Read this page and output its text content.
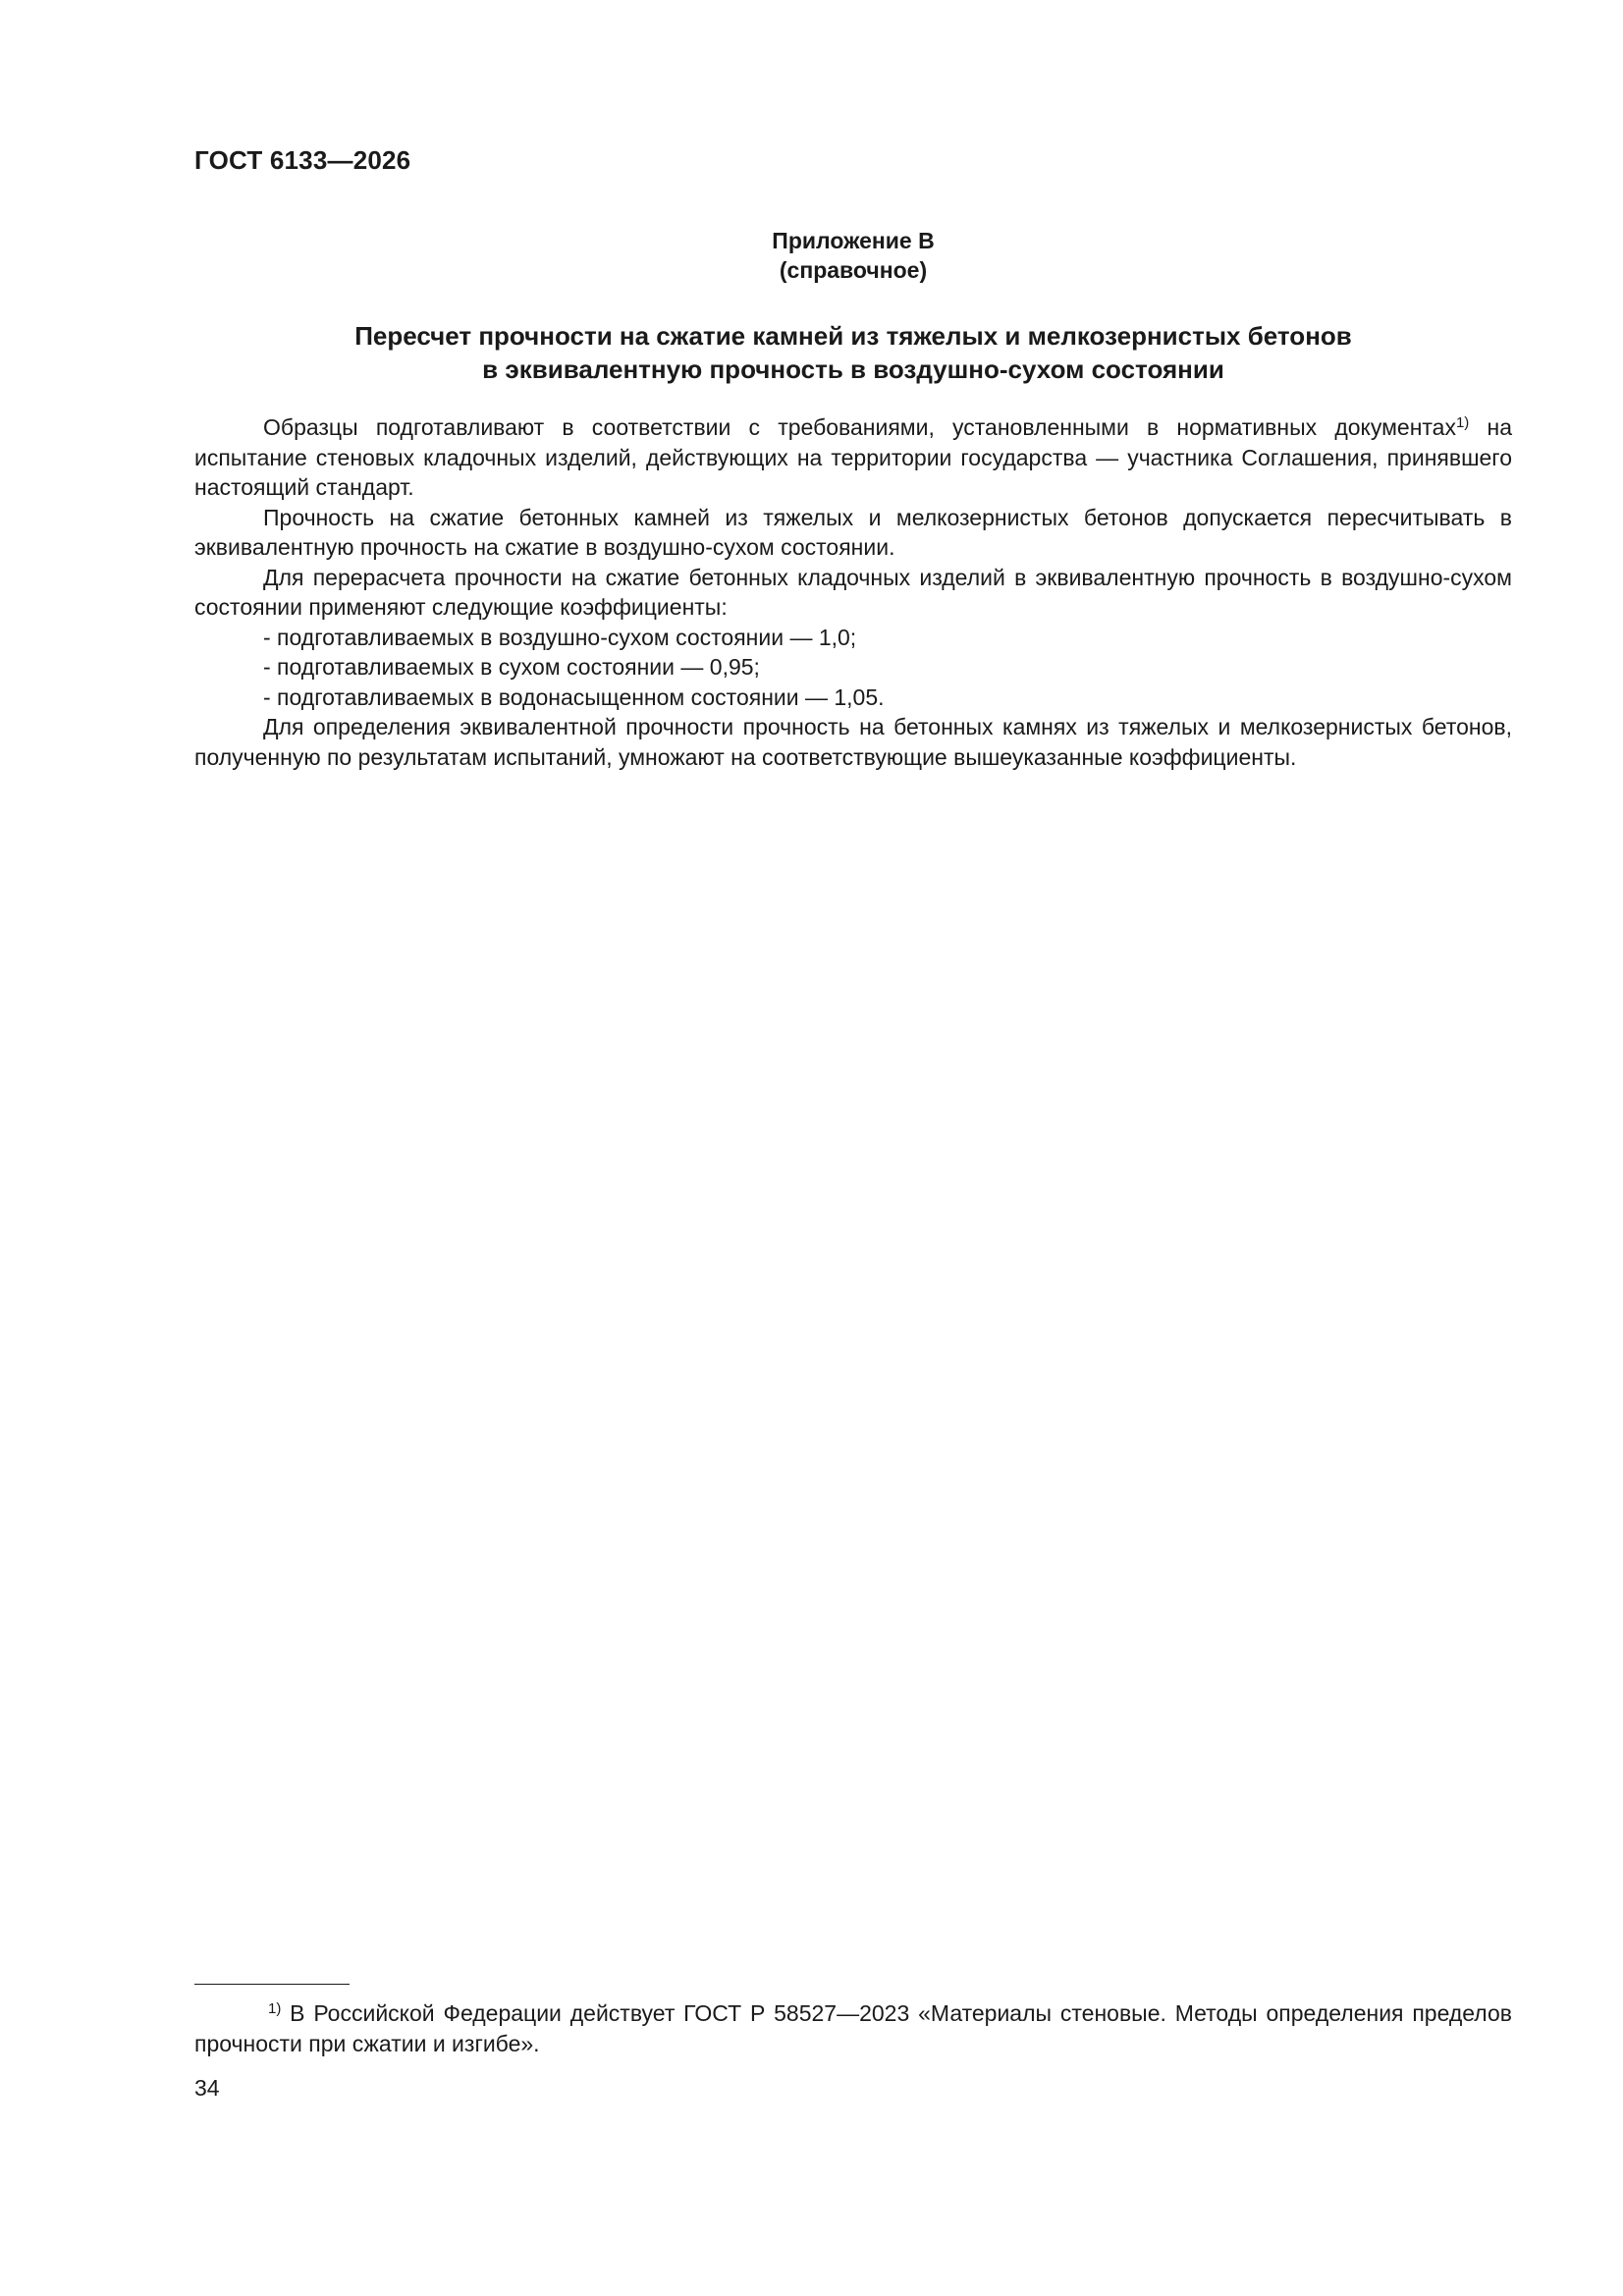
ГОСТ 6133—2026
Приложение В
(справочное)
Пересчет прочности на сжатие камней из тяжелых и мелкозернистых бетонов
в эквивалентную прочность в воздушно-сухом состоянии

Образцы подготавливают в соответствии с требованиями, установленными в нормативных документах$^{1)}$ на испытание стеновых кладочных изделий, действующих на территории государства — участника Соглашения, принявшего настоящий стандарт.

Прочность на сжатие бетонных камней из тяжелых и мелкозернистых бетонов допускается пересчитывать в эквивалентную прочность на сжатие в воздушно-сухом состоянии.

Для перерасчета прочности на сжатие бетонных кладочных изделий в эквивалентную прочность в воздушно-сухом состоянии применяют следующие коэффициенты:

- подготавливаемых в воздушно-сухом состоянии — 1,0;

- подготавливаемых в сухом состоянии — 0,95;

- подготавливаемых в водонасыщенном состоянии — 1,05.

Для определения эквивалентной прочности прочность на бетонных камнях из тяжелых и мелкозернистых бетонов, полученную по результатам испытаний, умножают на соответствующие вышеуказанные коэффициенты.

$^{1)}$ В Российской Федерации действует ГОСТ Р 58527—2023 «Материалы стеновые. Методы определения пределов прочности при сжатии и изгибе».
34
